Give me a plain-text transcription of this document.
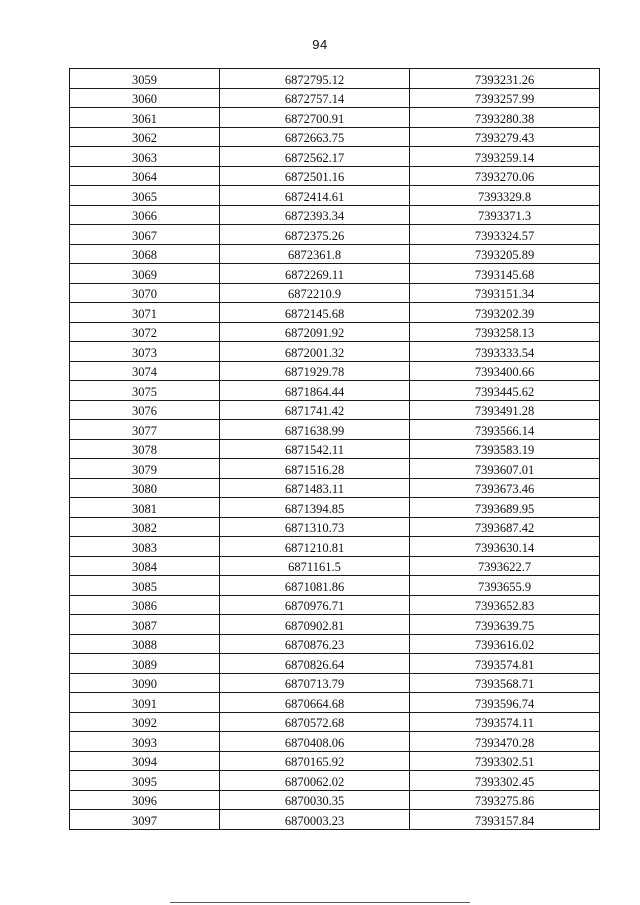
94
3059	6872795.12	7393231.26
3060	6872757.14	7393257.99
3061	6872700.91	7393280.38
3062	6872663.75	7393279.43
3063	6872562.17	7393259.14
3064	6872501.16	7393270.06
3065	6872414.61	7393329.8
3066	6872393.34	7393371.3
3067	6872375.26	7393324.57
3068	6872361.8	7393205.89
3069	6872269.11	7393145.68
3070	6872210.9	7393151.34
3071	6872145.68	7393202.39
3072	6872091.92	7393258.13
3073	6872001.32	7393333.54
3074	6871929.78	7393400.66
3075	6871864.44	7393445.62
3076	6871741.42	7393491.28
3077	6871638.99	7393566.14
3078	6871542.11	7393583.19
3079	6871516.28	7393607.01
3080	6871483.11	7393673.46
3081	6871394.85	7393689.95
3082	6871310.73	7393687.42
3083	6871210.81	7393630.14
3084	6871161.5	7393622.7
3085	6871081.86	7393655.9
3086	6870976.71	7393652.83
3087	6870902.81	7393639.75
3088	6870876.23	7393616.02
3089	6870826.64	7393574.81
3090	6870713.79	7393568.71
3091	6870664.68	7393596.74
3092	6870572.68	7393574.11
3093	6870408.06	7393470.28
3094	6870165.92	7393302.51
3095	6870062.02	7393302.45
3096	6870030.35	7393275.86
3097	6870003.23	7393157.84
